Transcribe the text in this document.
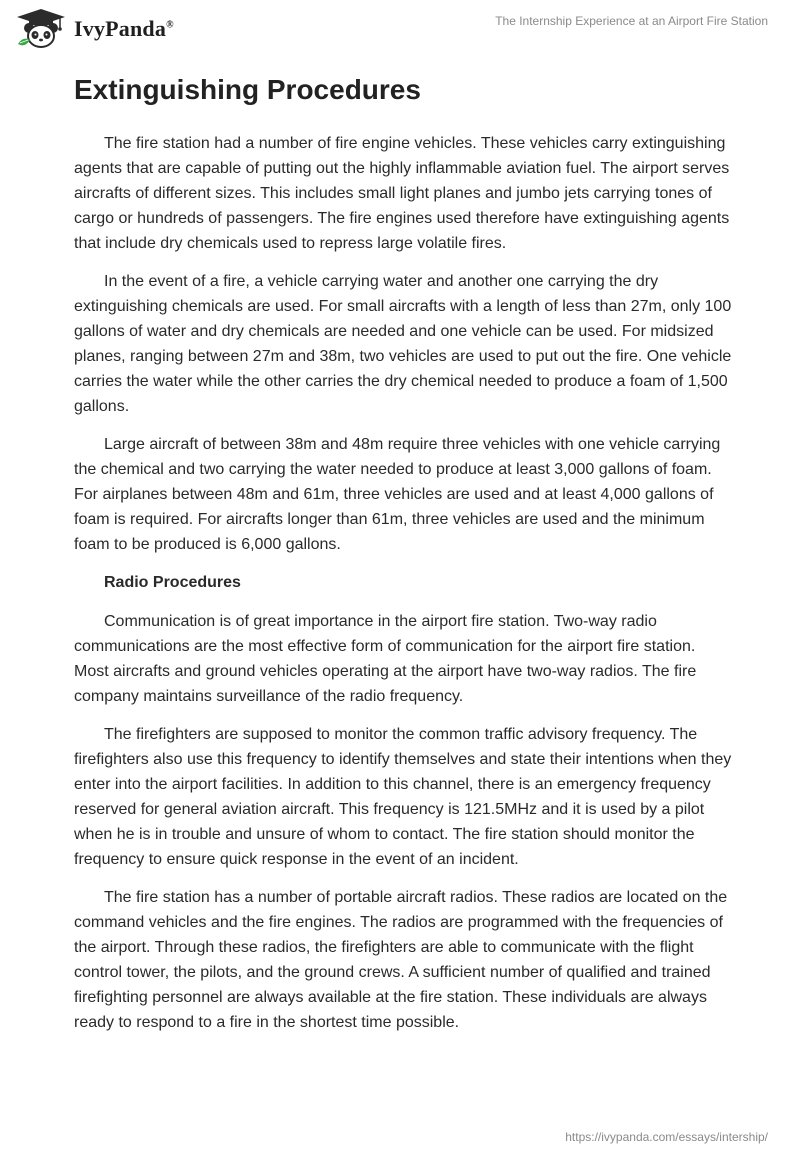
IvyPanda®	The Internship Experience at an Airport Fire Station
Extinguishing Procedures

The fire station had a number of fire engine vehicles. These vehicles carry extinguishing agents that are capable of putting out the highly inflammable aviation fuel. The airport serves aircrafts of different sizes. This includes small light planes and jumbo jets carrying tones of cargo or hundreds of passengers. The fire engines used therefore have extinguishing agents that include dry chemicals used to repress large volatile fires.

In the event of a fire, a vehicle carrying water and another one carrying the dry extinguishing chemicals are used. For small aircrafts with a length of less than 27m, only 100 gallons of water and dry chemicals are needed and one vehicle can be used. For midsized planes, ranging between 27m and 38m, two vehicles are used to put out the fire. One vehicle carries the water while the other carries the dry chemical needed to produce a foam of 1,500 gallons.

Large aircraft of between 38m and 48m require three vehicles with one vehicle carrying the chemical and two carrying the water needed to produce at least 3,000 gallons of foam. For airplanes between 48m and 61m, three vehicles are used and at least 4,000 gallons of foam is required. For aircrafts longer than 61m, three vehicles are used and the minimum foam to be produced is 6,000 gallons.

Radio Procedures

Communication is of great importance in the airport fire station. Two-way radio communications are the most effective form of communication for the airport fire station. Most aircrafts and ground vehicles operating at the airport have two-way radios. The fire company maintains surveillance of the radio frequency.

The firefighters are supposed to monitor the common traffic advisory frequency. The firefighters also use this frequency to identify themselves and state their intentions when they enter into the airport facilities. In addition to this channel, there is an emergency frequency reserved for general aviation aircraft. This frequency is 121.5MHz and it is used by a pilot when he is in trouble and unsure of whom to contact. The fire station should monitor the frequency to ensure quick response in the event of an incident.

The fire station has a number of portable aircraft radios. These radios are located on the command vehicles and the fire engines. The radios are programmed with the frequencies of the airport. Through these radios, the firefighters are able to communicate with the flight control tower, the pilots, and the ground crews. A sufficient number of qualified and trained firefighting personnel are always available at the fire station. These individuals are always ready to respond to a fire in the shortest time possible.

https://ivypanda.com/essays/intership/
